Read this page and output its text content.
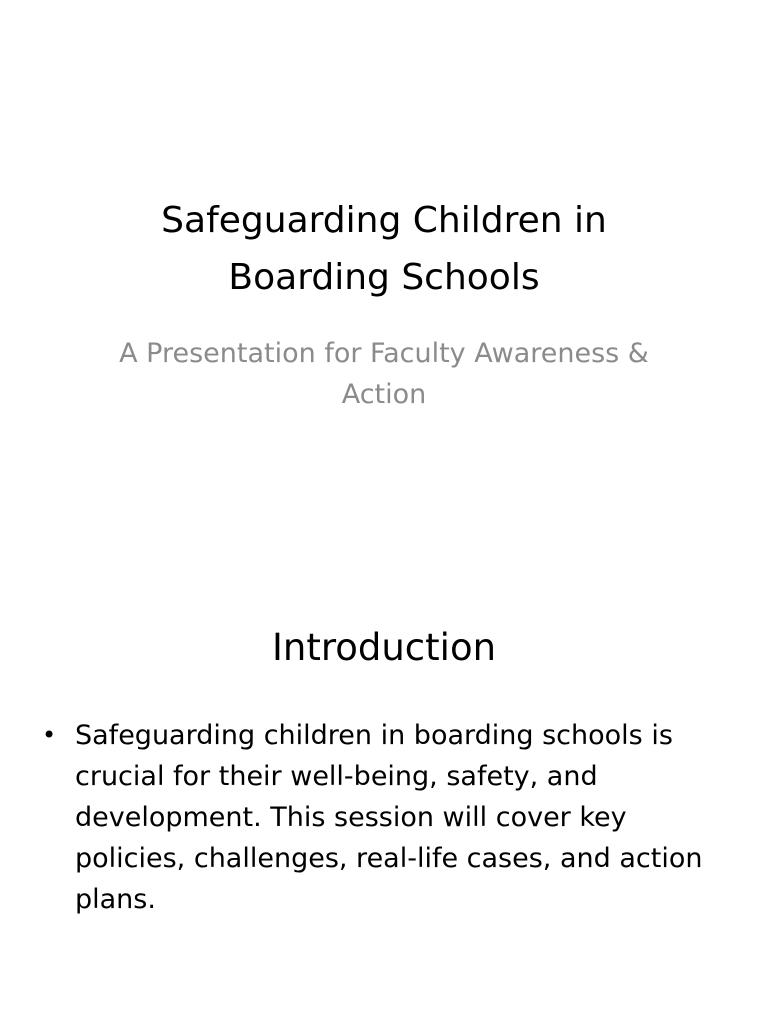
Safeguarding Children in Boarding Schools

A Presentation for Faculty Awareness & Action

Introduction
• Safeguarding children in boarding schools is crucial for their well-being, safety, and development. This session will cover key policies, challenges, real-life cases, and action plans.
